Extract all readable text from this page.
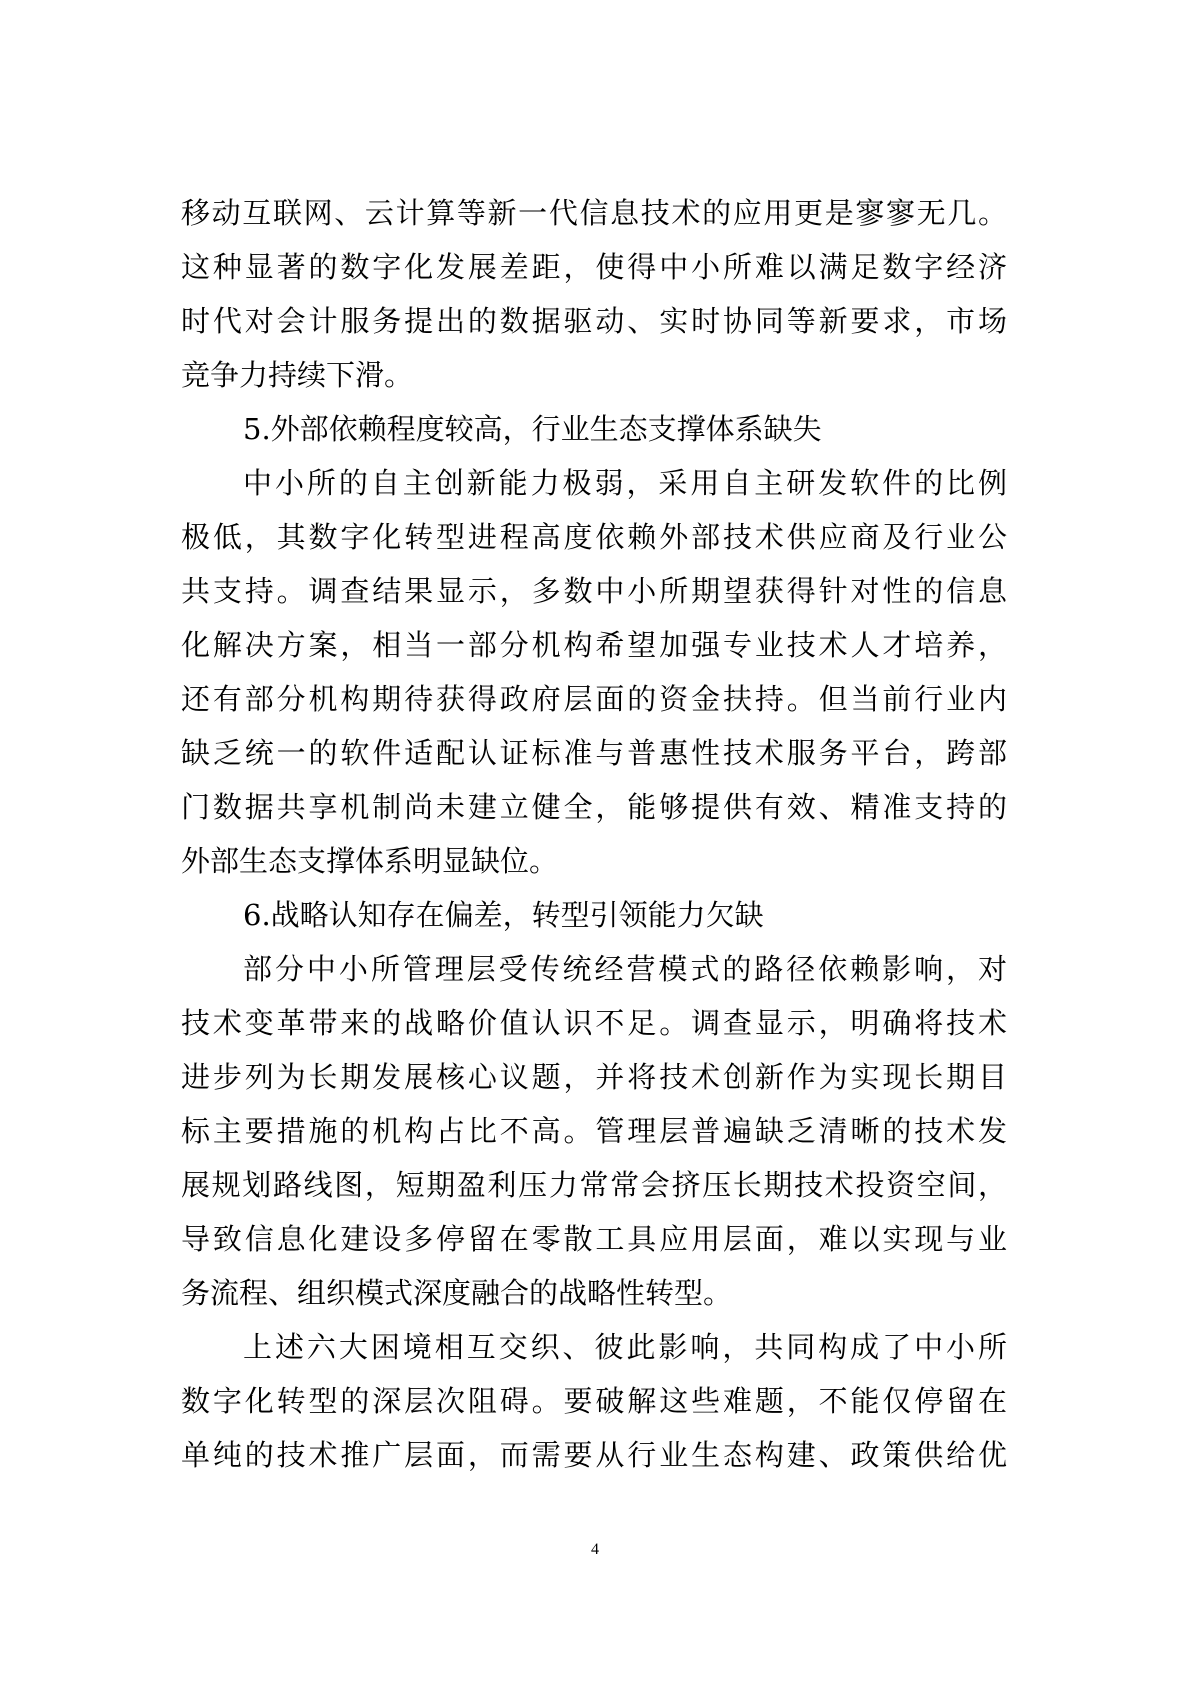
移动互联网、云计算等新一代信息技术的应用更是寥寥无几。
这种显著的数字化发展差距，使得中小所难以满足数字经济
时代对会计服务提出的数据驱动、实时协同等新要求，市场
竞争力持续下滑。
5.外部依赖程度较高，行业生态支撑体系缺失
中小所的自主创新能力极弱，采用自主研发软件的比例
极低，其数字化转型进程高度依赖外部技术供应商及行业公
共支持。调查结果显示，多数中小所期望获得针对性的信息
化解决方案，相当一部分机构希望加强专业技术人才培养，
还有部分机构期待获得政府层面的资金扶持。但当前行业内
缺乏统一的软件适配认证标准与普惠性技术服务平台，跨部
门数据共享机制尚未建立健全，能够提供有效、精准支持的
外部生态支撑体系明显缺位。
6.战略认知存在偏差，转型引领能力欠缺
部分中小所管理层受传统经营模式的路径依赖影响，对
技术变革带来的战略价值认识不足。调查显示，明确将技术
进步列为长期发展核心议题，并将技术创新作为实现长期目
标主要措施的机构占比不高。管理层普遍缺乏清晰的技术发
展规划路线图，短期盈利压力常常会挤压长期技术投资空间，
导致信息化建设多停留在零散工具应用层面，难以实现与业
务流程、组织模式深度融合的战略性转型。
上述六大困境相互交织、彼此影响，共同构成了中小所
数字化转型的深层次阻碍。要破解这些难题，不能仅停留在
单纯的技术推广层面，而需要从行业生态构建、政策供给优
4
